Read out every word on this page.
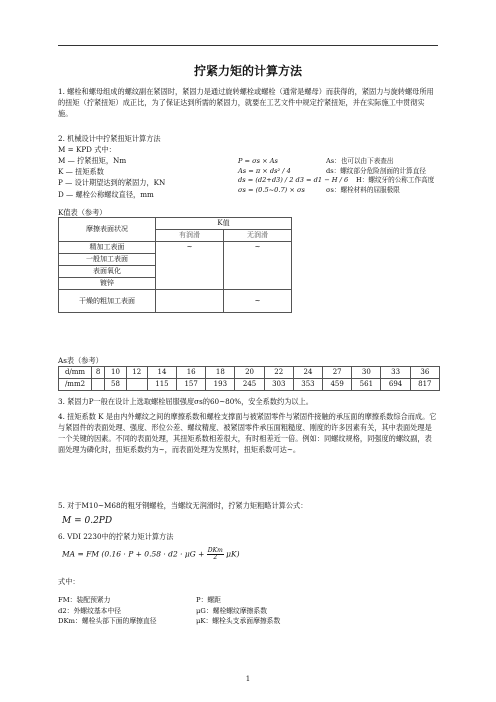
拧紧力矩的计算方法

1. 螺栓和螺母组成的螺纹副在紧固时，紧固力是通过旋转螺栓或螺栓（通常是螺母）而获得的，紧固力与旋转螺母所用的扭矩（拧紧扭矩）成正比，为了保证达到所需的紧固力，就要在工艺文件中规定拧紧扭矩，并在实际施工中贯彻实施。

2. 机械设计中拧紧扭矩计算方法
M = KPD 式中：
M — 拧紧扭矩，Nm
K — 扭矩系数
P — 设计期望达到的紧固力，KN
D — 螺栓公称螺纹直径，mm
P = σs × As	As：也可以由下表查出
As = π × ds² / 4	ds：螺纹部分危险剖面的计算直径
ds = (d2+d3) / 2 d3 = d1 − H / 6	H：螺纹牙的公称工作高度
σs = (0.5~0.7) × σs	σs：螺栓材料的屈服极限
K值表（参考）
摩擦表面状况	K值	
	有润滑	无润滑
精加工表面	~	~
一般加工表面		
表面氧化		
镀锌		
干燥的粗加工表面		~
As表（参考）
d/mm	8	10	12	14	16	18	20	22	24	27	30	33	36
/mm2		58		115	157	193	245	303	353	459	561	694	817
3. 紧固力P一般在设计上选取螺栓屈服强度σs的60~80%，安全系数约为以上。
4. 扭矩系数 K 是由内外螺纹之间的摩擦系数和螺栓支撑面与被紧固零件与紧固件接触的承压面的摩擦系数综合而成。它与紧固件的表面处理、强度、形位公差、螺纹精度、被紧固零件承压面粗糙度、刚度的许多因素有关，其中表面处理是一个关键的因素。不同的表面处理，其扭矩系数相差很大，有时相差近一倍。例如：同螺纹规格，同强度的螺纹副，表面处理为磷化时，扭矩系数约为~，而表面处理为发黑时，扭矩系数可达~。
5. 对于M10~M68的粗牙钢螺栓，当螺纹无润滑时，拧紧力矩粗略计算公式：
M = 0.2PD
6. VDI 2230中的拧紧力矩计算方法
MA = FM $(0.16 \cdot P + 0.58 \cdot d2 \cdot \mu G + \frac{\text{DKm}}{2} \mu K)$
式中：
FM：装配预紧力	P：螺距
d2：外螺纹基本中径	μG：螺栓螺纹摩擦系数
DKm：螺栓头部下面的摩擦直径	μK：螺栓头支承面摩擦系数
1
